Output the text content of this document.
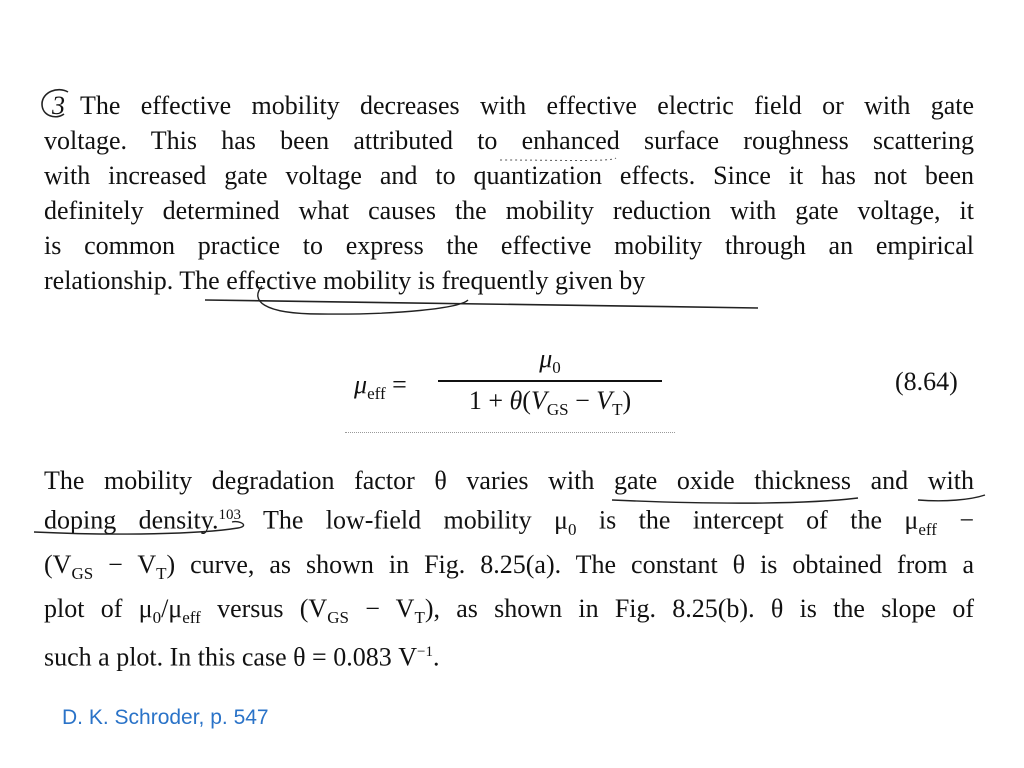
3 The effective mobility decreases with effective electric field or with gate
voltage. This has been attributed to enhanced surface roughness scattering
with increased gate voltage and to quantization effects. Since it has not been
definitely determined what causes the mobility reduction with gate voltage, it
is common practice to express the effective mobility through an empirical
relationship. The effective mobility is frequently given by
$\mu_{eff}$ =
$\mu_0$
$1 + \theta(V_{GS} - V_T)$
(8.64)
The mobility degradation factor θ varies with gate oxide thickness and with
doping density.$^{103}$ The low-field mobility $\mu_0$ is the intercept of the $\mu_{eff}$ −
$(V_{GS} - V_T)$ curve, as shown in Fig. 8.25(a). The constant θ is obtained from a
plot of $\mu_0/\mu_{eff}$ versus $(V_{GS} - V_T)$, as shown in Fig. 8.25(b). θ is the slope of
such a plot. In this case θ = 0.083 $V^{-1}$.
D. K. Schroder, p. 547
